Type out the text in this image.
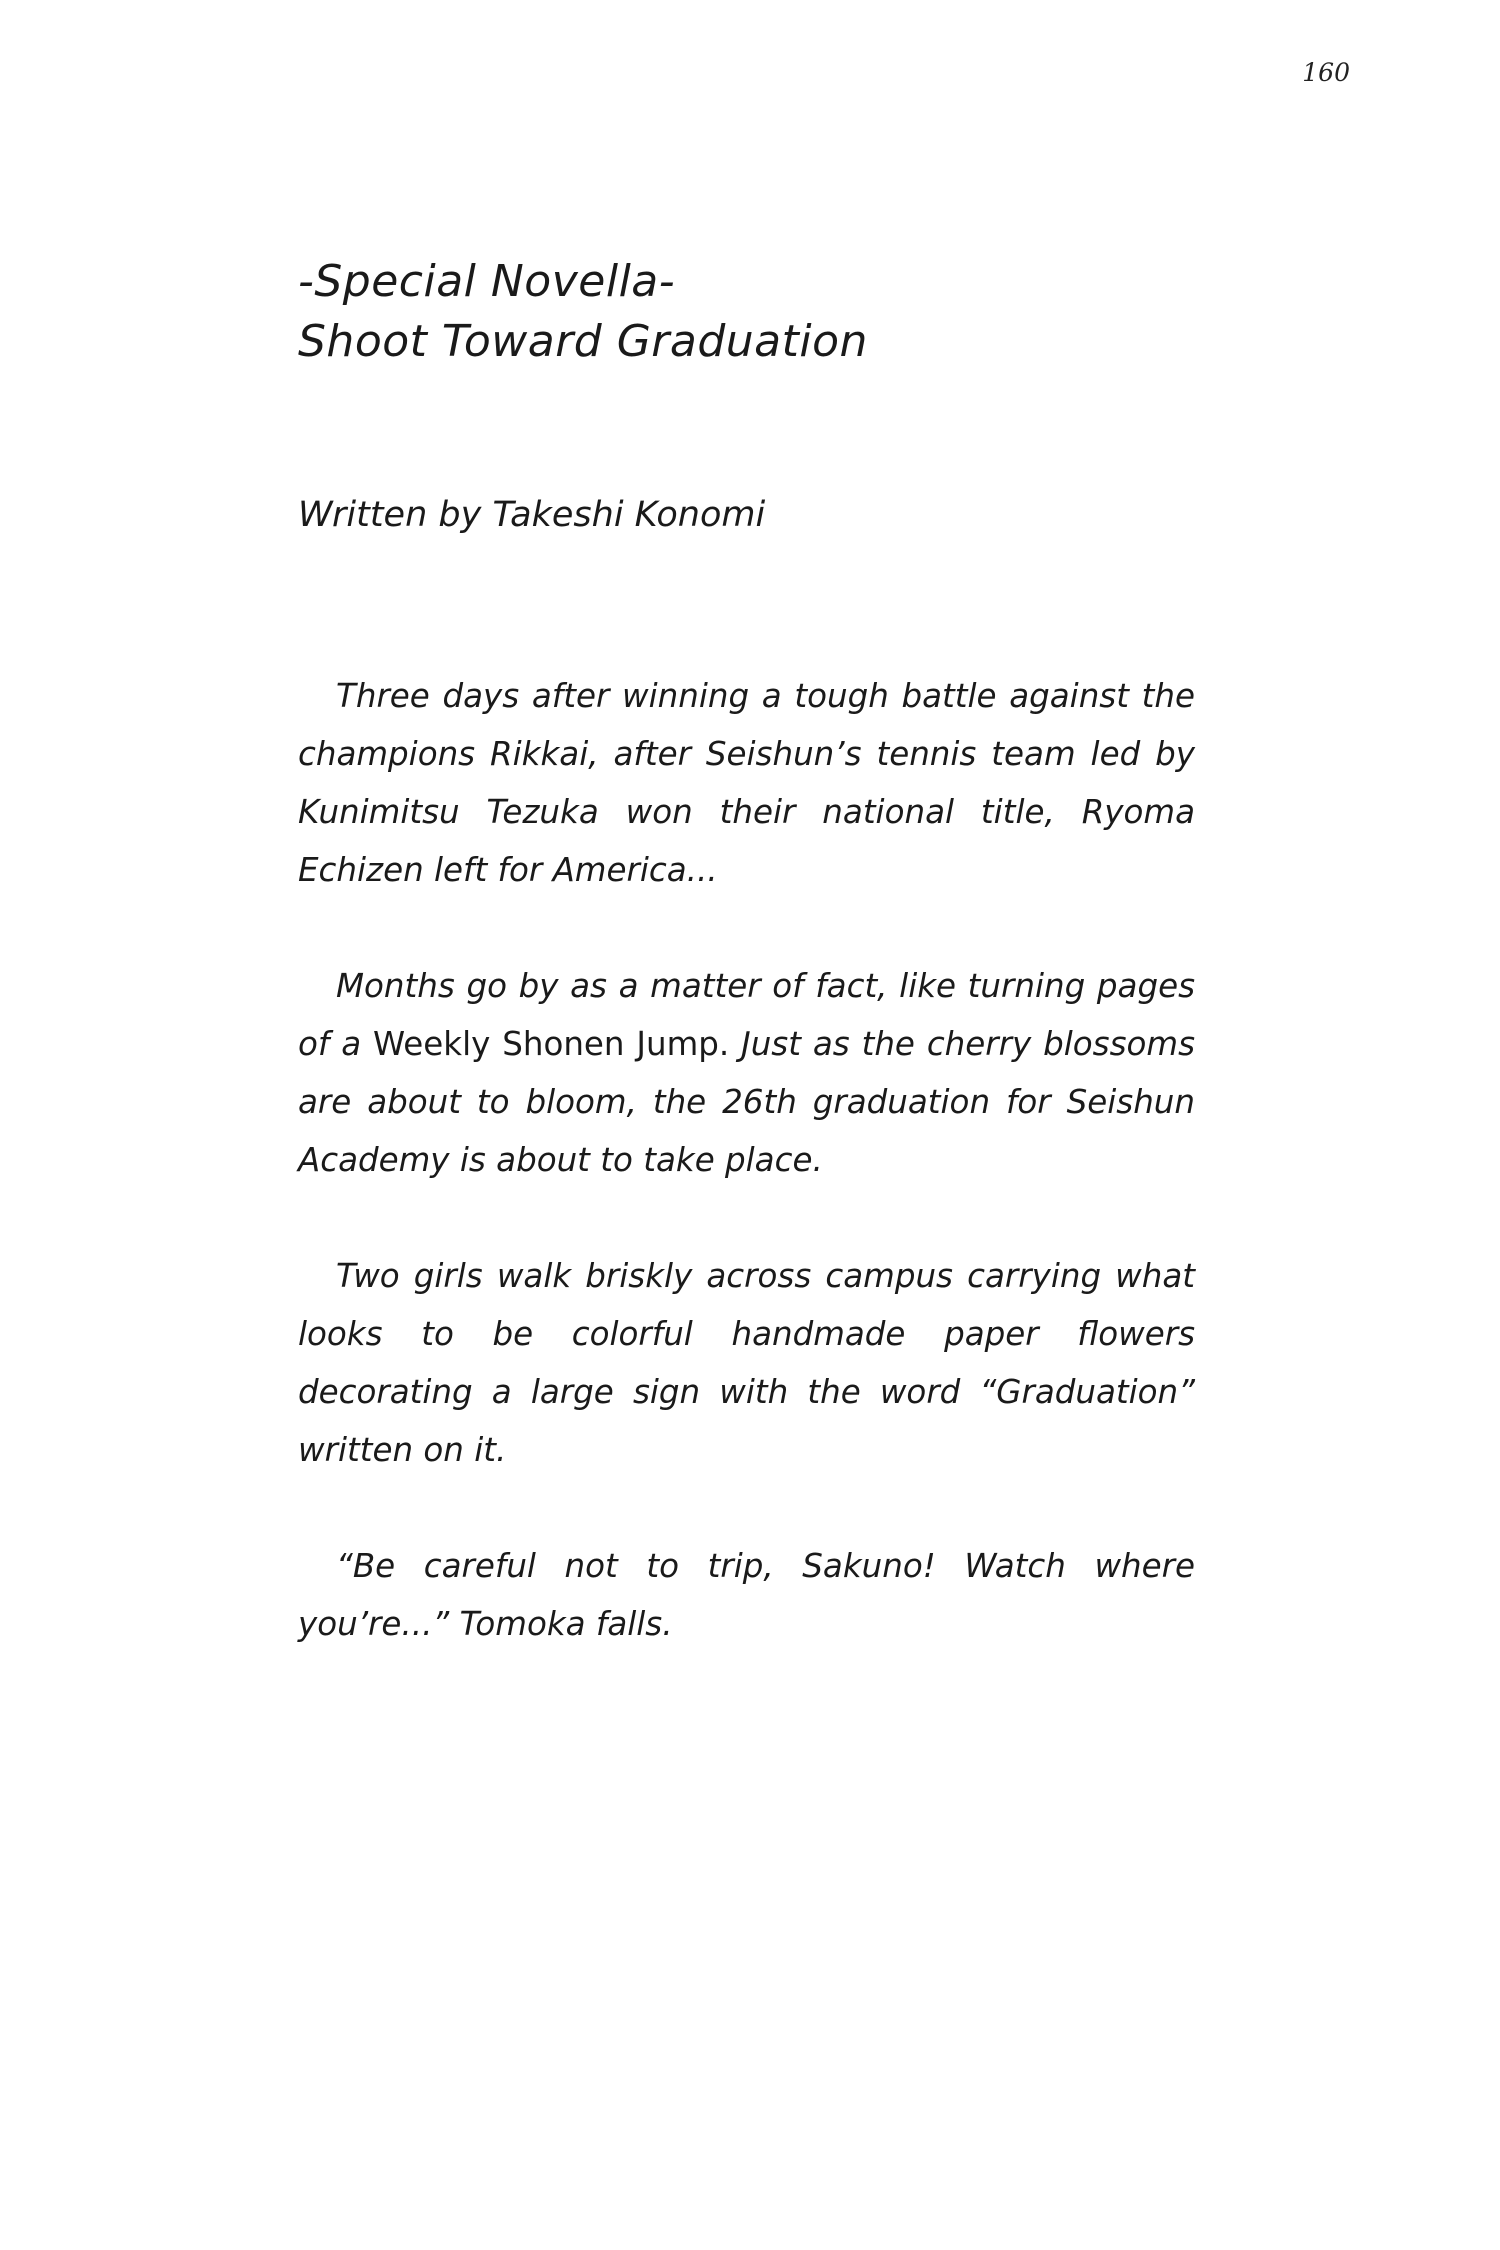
160
-Special Novella-
Shoot Toward Graduation

Written by Takeshi Konomi

Three days after winning a tough battle against the champions Rikkai, after Seishun’s tennis team led by Kunimitsu Tezuka won their national title, Ryoma Echizen left for America...

Months go by as a matter of fact, like turning pages of a Weekly Shonen Jump. Just as the cherry blossoms are about to bloom, the 26th graduation for Seishun Academy is about to take place.

Two girls walk briskly across campus carrying what looks to be colorful handmade paper flowers decorating a large sign with the word “Graduation” written on it.

“Be careful not to trip, Sakuno! Watch where you’re...” Tomoka falls.
